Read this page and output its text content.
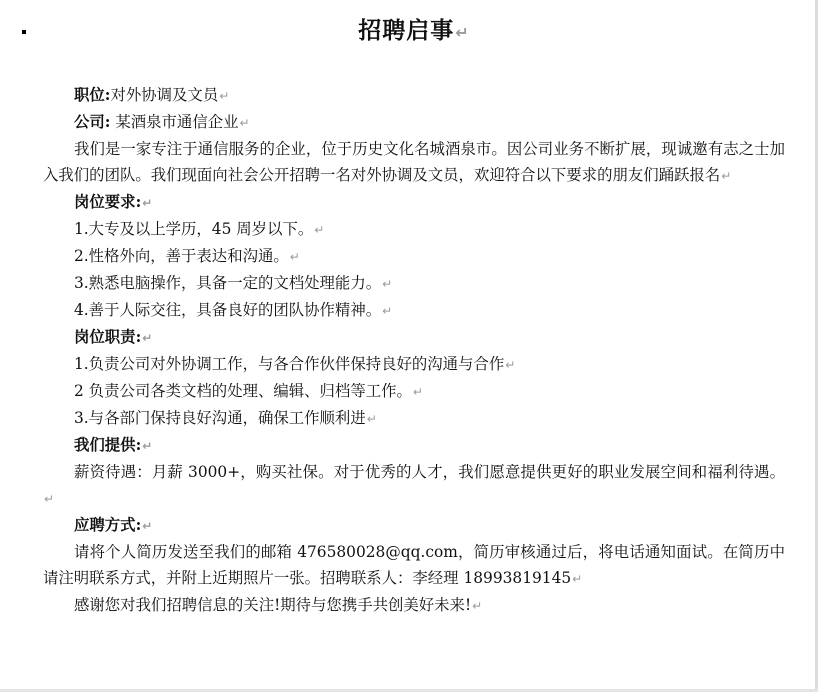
招聘启事↵

职位:对外协调及文员↵

公司: 某酒泉市通信企业↵

我们是一家专注于通信服务的企业，位于历史文化名城酒泉市。因公司业务不断扩展，现诚邀有志之士加入我们的团队。我们现面向社会公开招聘一名对外协调及文员，欢迎符合以下要求的朋友们踊跃报名↵

岗位要求:↵

1.大专及以上学历，45 周岁以下。↵

2.性格外向，善于表达和沟通。↵

3.熟悉电脑操作，具备一定的文档处理能力。↵

4.善于人际交往，具备良好的团队协作精神。↵

岗位职责:↵

1.负责公司对外协调工作，与各合作伙伴保持良好的沟通与合作↵

2 负责公司各类文档的处理、编辑、归档等工作。↵

3.与各部门保持良好沟通，确保工作顺利进↵

我们提供:↵

薪资待遇：月薪 3000+，购买社保。对于优秀的人才，我们愿意提供更好的职业发展空间和福利待遇。↵

应聘方式:↵

请将个人简历发送至我们的邮箱 476580028@qq.com，简历审核通过后，将电话通知面试。在简历中请注明联系方式，并附上近期照片一张。招聘联系人：李经理 18993819145↵

感谢您对我们招聘信息的关注!期待与您携手共创美好未来!↵
